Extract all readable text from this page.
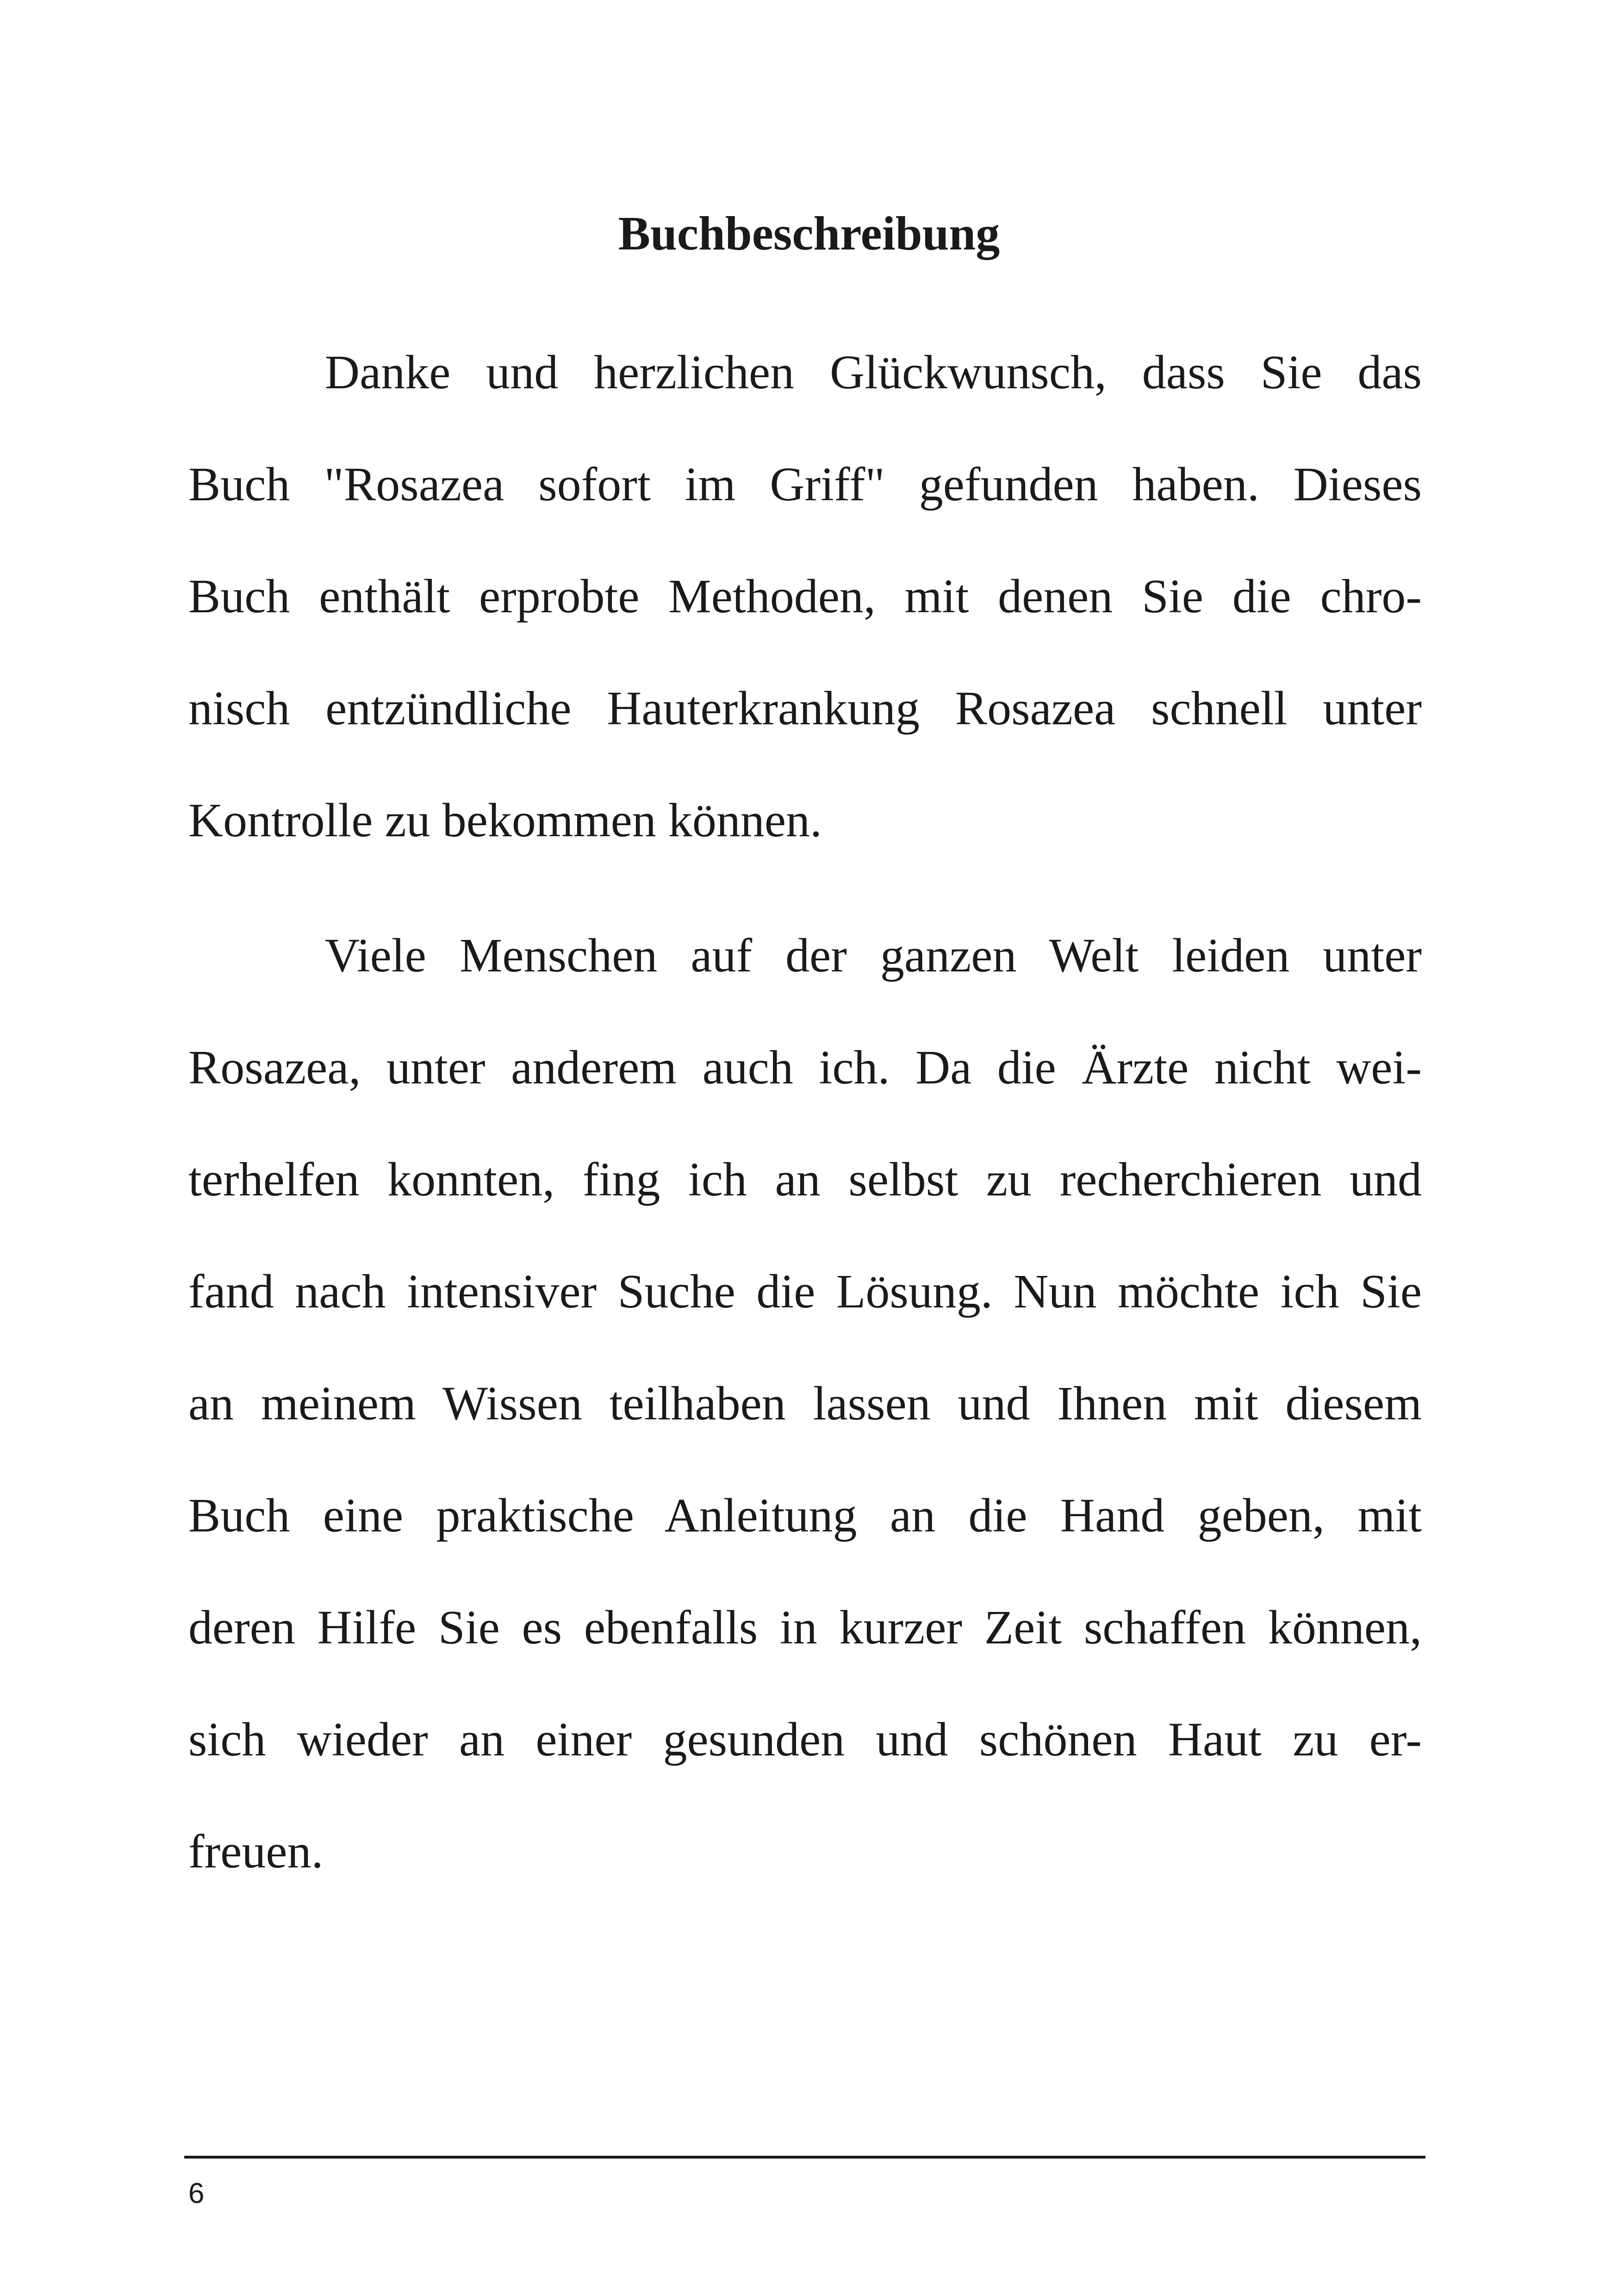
Buchbeschreibung
Danke und herzlichen Glückwunsch, dass Sie das
Buch "Rosazea sofort im Griff" gefunden haben. Dieses
Buch enthält erprobte Methoden, mit denen Sie die chro-
nisch entzündliche Hauterkrankung Rosazea schnell unter
Kontrolle zu bekommen können.
Viele Menschen auf der ganzen Welt leiden unter
Rosazea, unter anderem auch ich. Da die Ärzte nicht wei-
terhelfen konnten, fing ich an selbst zu recherchieren und
fand nach intensiver Suche die Lösung. Nun möchte ich Sie
an meinem Wissen teilhaben lassen und Ihnen mit diesem
Buch eine praktische Anleitung an die Hand geben, mit
deren Hilfe Sie es ebenfalls in kurzer Zeit schaffen können,
sich wieder an einer gesunden und schönen Haut zu er-
freuen.
6
